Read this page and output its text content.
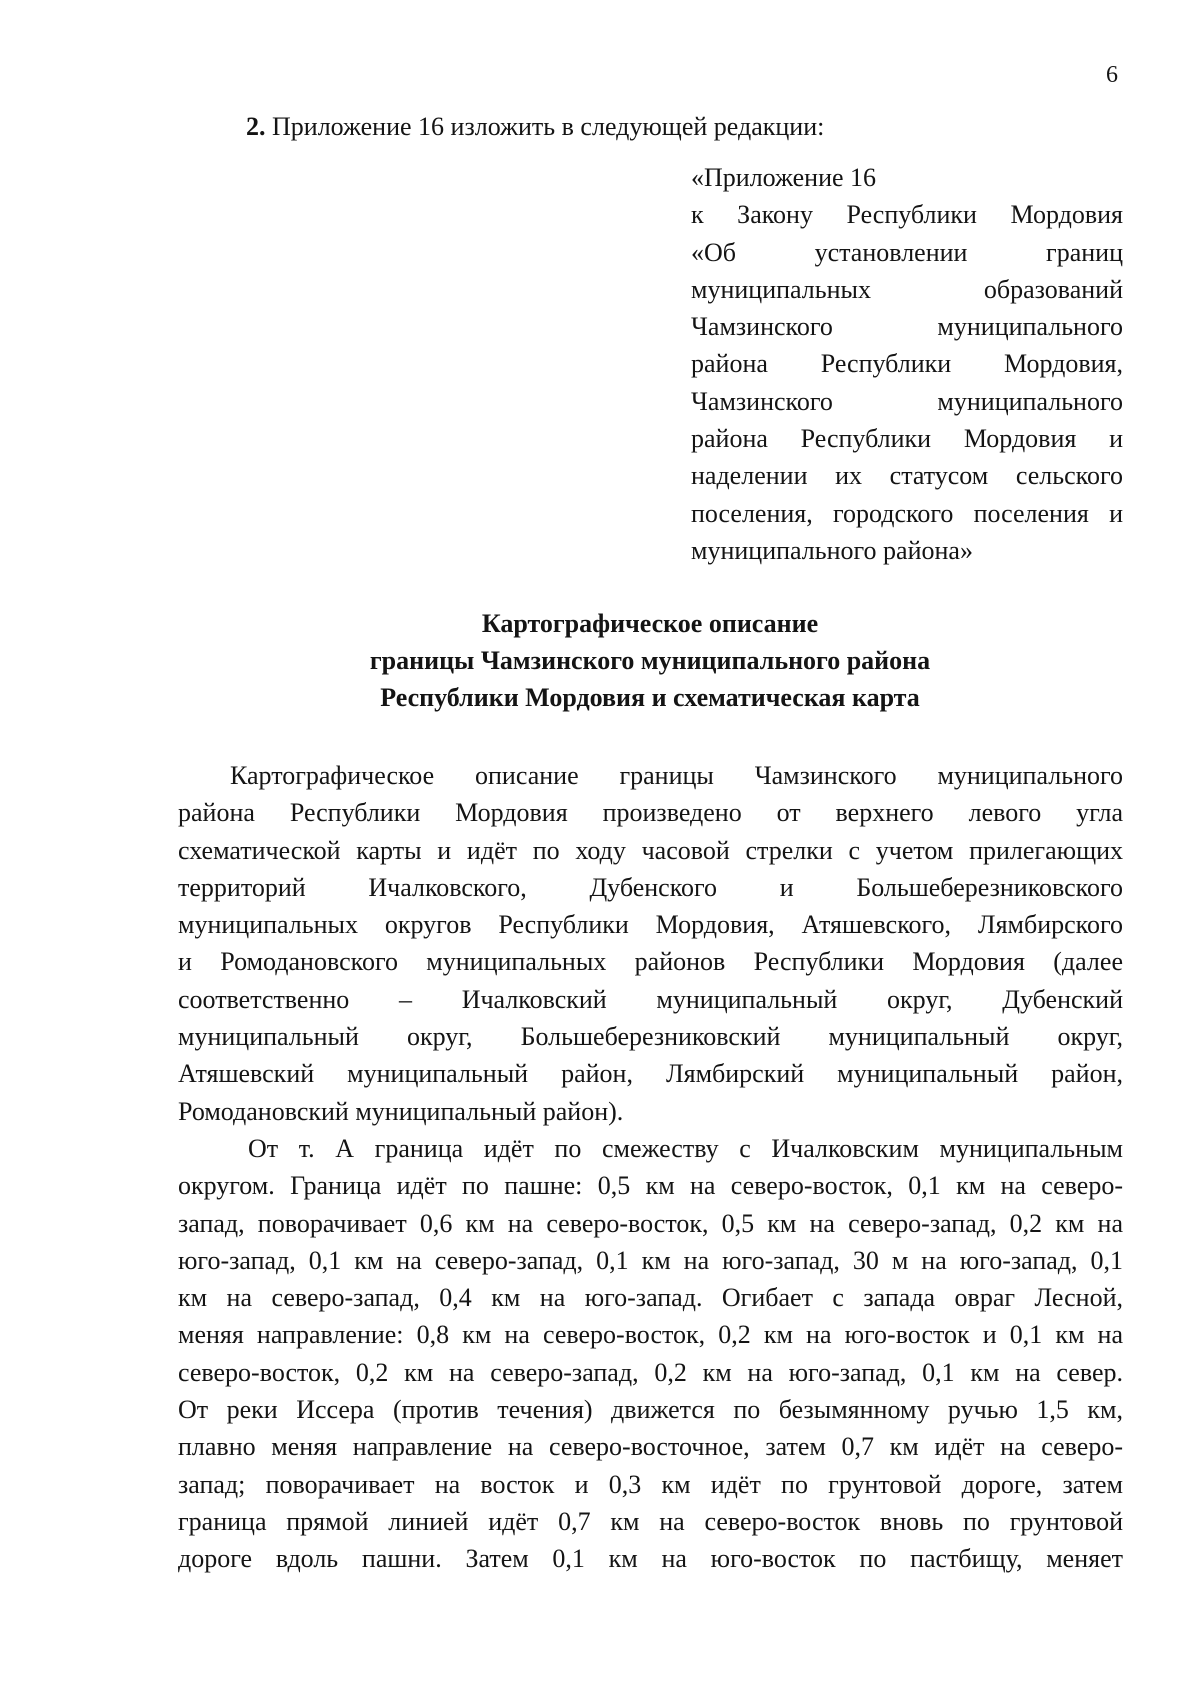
6
2. Приложение 16 изложить в следующей редакции:
«Приложение 16
к Закону Республики Мордовия
«Об установлении границ
муниципальных образований
Чамзинского муниципального
района Республики Мордовия,
Чамзинского муниципального
района Республики Мордовия и
наделении их статусом сельского
поселения, городского поселения и
муниципального района»
Картографическое описание
границы Чамзинского муниципального района
Республики Мордовия и схематическая карта
Картографическое описание границы Чамзинского муниципального
района Республики Мордовия произведено от верхнего левого угла
схематической карты и идёт по ходу часовой стрелки с учетом прилегающих
территорий Ичалковского, Дубенского и Большеберезниковского
муниципальных округов Республики Мордовия, Атяшевского, Лямбирского
и Ромодановского муниципальных районов Республики Мордовия (далее
соответственно – Ичалковский муниципальный округ, Дубенский
муниципальный округ, Большеберезниковский муниципальный округ,
Атяшевский муниципальный район, Лямбирский муниципальный район,
Ромодановский муниципальный район).
От т. А граница идёт по смежеству с Ичалковским муниципальным
округом. Граница идёт по пашне: 0,5 км на северо-восток, 0,1 км на северо-
запад, поворачивает 0,6 км на северо-восток, 0,5 км на северо-запад, 0,2 км на
юго-запад, 0,1 км на северо-запад, 0,1 км на юго-запад, 30 м на юго-запад, 0,1
км на северо-запад, 0,4 км на юго-запад. Огибает с запада овраг Лесной,
меняя направление: 0,8 км на северо-восток, 0,2 км на юго-восток и 0,1 км на
северо-восток, 0,2 км на северо-запад, 0,2 км на юго-запад, 0,1 км на север.
От реки Иссера (против течения) движется по безымянному ручью 1,5 км,
плавно меняя направление на северо-восточное, затем 0,7 км идёт на северо-
запад; поворачивает на восток и 0,3 км идёт по грунтовой дороге, затем
граница прямой линией идёт 0,7 км на северо-восток вновь по грунтовой
дороге вдоль пашни. Затем 0,1 км на юго-восток по пастбищу, меняет
